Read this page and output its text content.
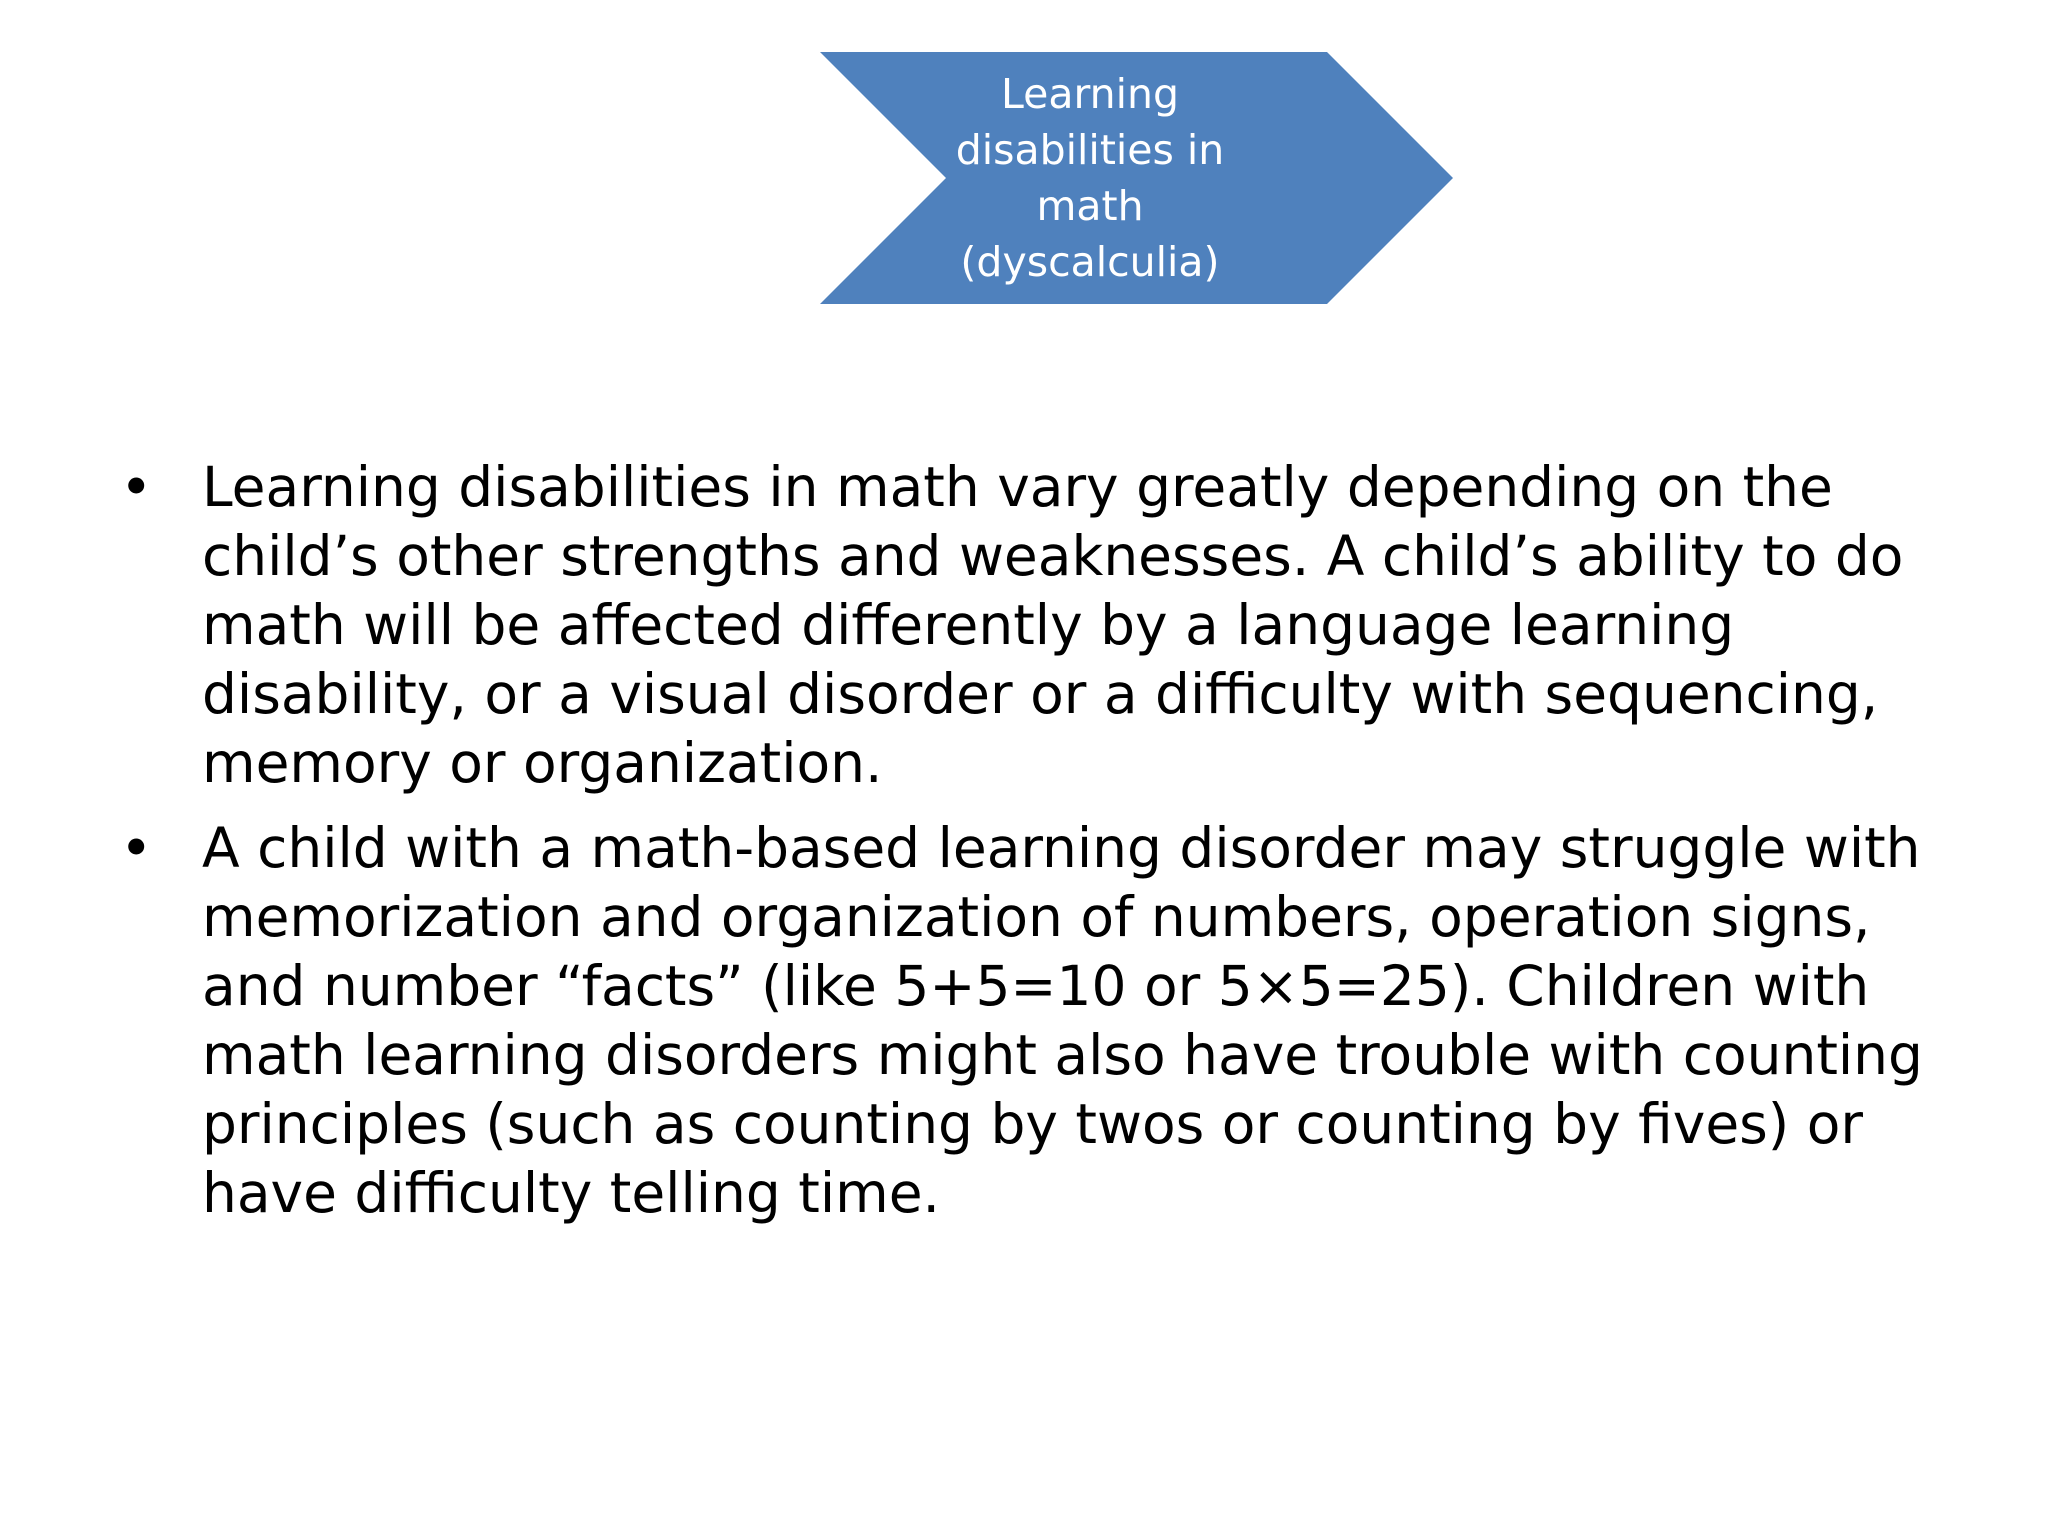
Learning
disabilities in
math (dyscalculia)
• Learning disabilities in math vary greatly depending on the child’s other strengths and weaknesses. A child’s ability to do math will be affected differently by a language learning disability, or a visual disorder or a difficulty with sequencing, memory or organization.
• A child with a math-based learning disorder may struggle with memorization and organization of numbers, operation signs, and number “facts” (like 5+5=10 or 5×5=25). Children with math learning disorders might also have trouble with counting principles (such as counting by twos or counting by fives) or have difficulty telling time.
